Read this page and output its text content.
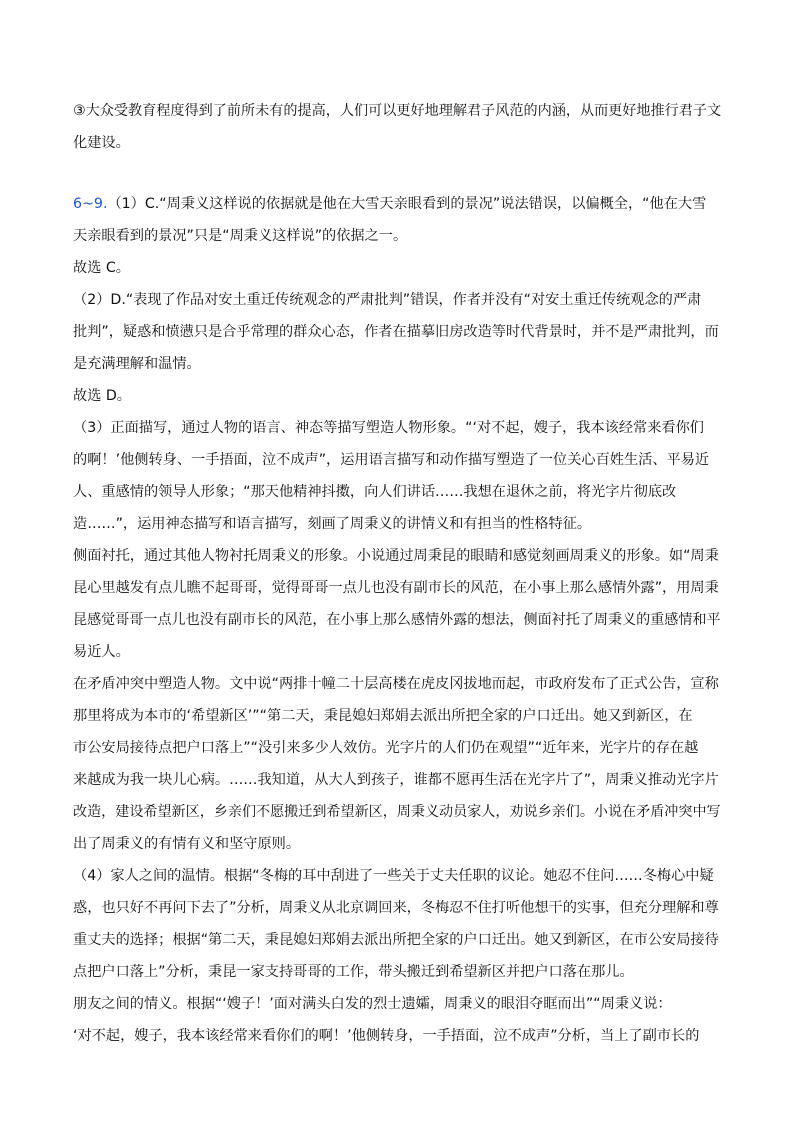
③大众受教育程度得到了前所未有的提高，人们可以更好地理解君子风范的内涵，从而更好地推行君子文
化建设。
6~9.（1）C.“周秉义这样说的依据就是他在大雪天亲眼看到的景况”说法错误，以偏概全，“他在大雪
天亲眼看到的景况”只是“周秉义这样说”的依据之一。
故选 C。
（2）D.“表现了作品对安土重迁传统观念的严肃批判”错误，作者并没有“对安土重迁传统观念的严肃
批判”，疑惑和愤懑只是合乎常理的群众心态，作者在描摹旧房改造等时代背景时，并不是严肃批判，而
是充满理解和温情。
故选 D。
（3）正面描写，通过人物的语言、神态等描写塑造人物形象。“‘对不起，嫂子，我本该经常来看你们
的啊！’他侧转身、一手捂面，泣不成声”，运用语言描写和动作描写塑造了一位关心百姓生活、平易近
人、重感情的领导人形象；“那天他精神抖擞，向人们讲话……我想在退休之前，将光字片彻底改
造……”，运用神态描写和语言描写，刻画了周秉义的讲情义和有担当的性格特征。
侧面衬托，通过其他人物衬托周秉义的形象。小说通过周秉昆的眼睛和感觉刻画周秉义的形象。如“周秉
昆心里越发有点儿瞧不起哥哥，觉得哥哥一点儿也没有副市长的风范，在小事上那么感情外露”，用周秉
昆感觉哥哥一点儿也没有副市长的风范，在小事上那么感情外露的想法，侧面衬托了周秉义的重感情和平
易近人。
在矛盾冲突中塑造人物。文中说“两排十幢二十层高楼在虎皮冈拔地而起，市政府发布了正式公告，宣称
那里将成为本市的‘希望新区’”“第二天，秉昆媳妇郑娟去派出所把全家的户口迁出。她又到新区，在
市公安局接待点把户口落上”“没引来多少人效仿。光字片的人们仍在观望”“近年来，光字片的存在越
来越成为我一块儿心病。……我知道，从大人到孩子，谁都不愿再生活在光字片了”，周秉义推动光字片
改造，建设希望新区，乡亲们不愿搬迁到希望新区，周秉义动员家人，劝说乡亲们。小说在矛盾冲突中写
出了周秉义的有情有义和坚守原则。
（4）家人之间的温情。根据“冬梅的耳中刮进了一些关于丈夫任职的议论。她忍不住问……冬梅心中疑
惑，也只好不再问下去了”分析，周秉义从北京调回来，冬梅忍不住打听他想干的实事，但充分理解和尊
重丈夫的选择；根据“第二天，秉昆媳妇郑娟去派出所把全家的户口迁出。她又到新区，在市公安局接待
点把户口落上”分析，秉昆一家支持哥哥的工作，带头搬迁到希望新区并把户口落在那儿。
朋友之间的情义。根据“‘嫂子！’面对满头白发的烈士遗孀，周秉义的眼泪夺眶而出”“周秉义说：
‘对不起，嫂子，我本该经常来看你们的啊！’他侧转身，一手捂面，泣不成声”分析，当上了副市长的
